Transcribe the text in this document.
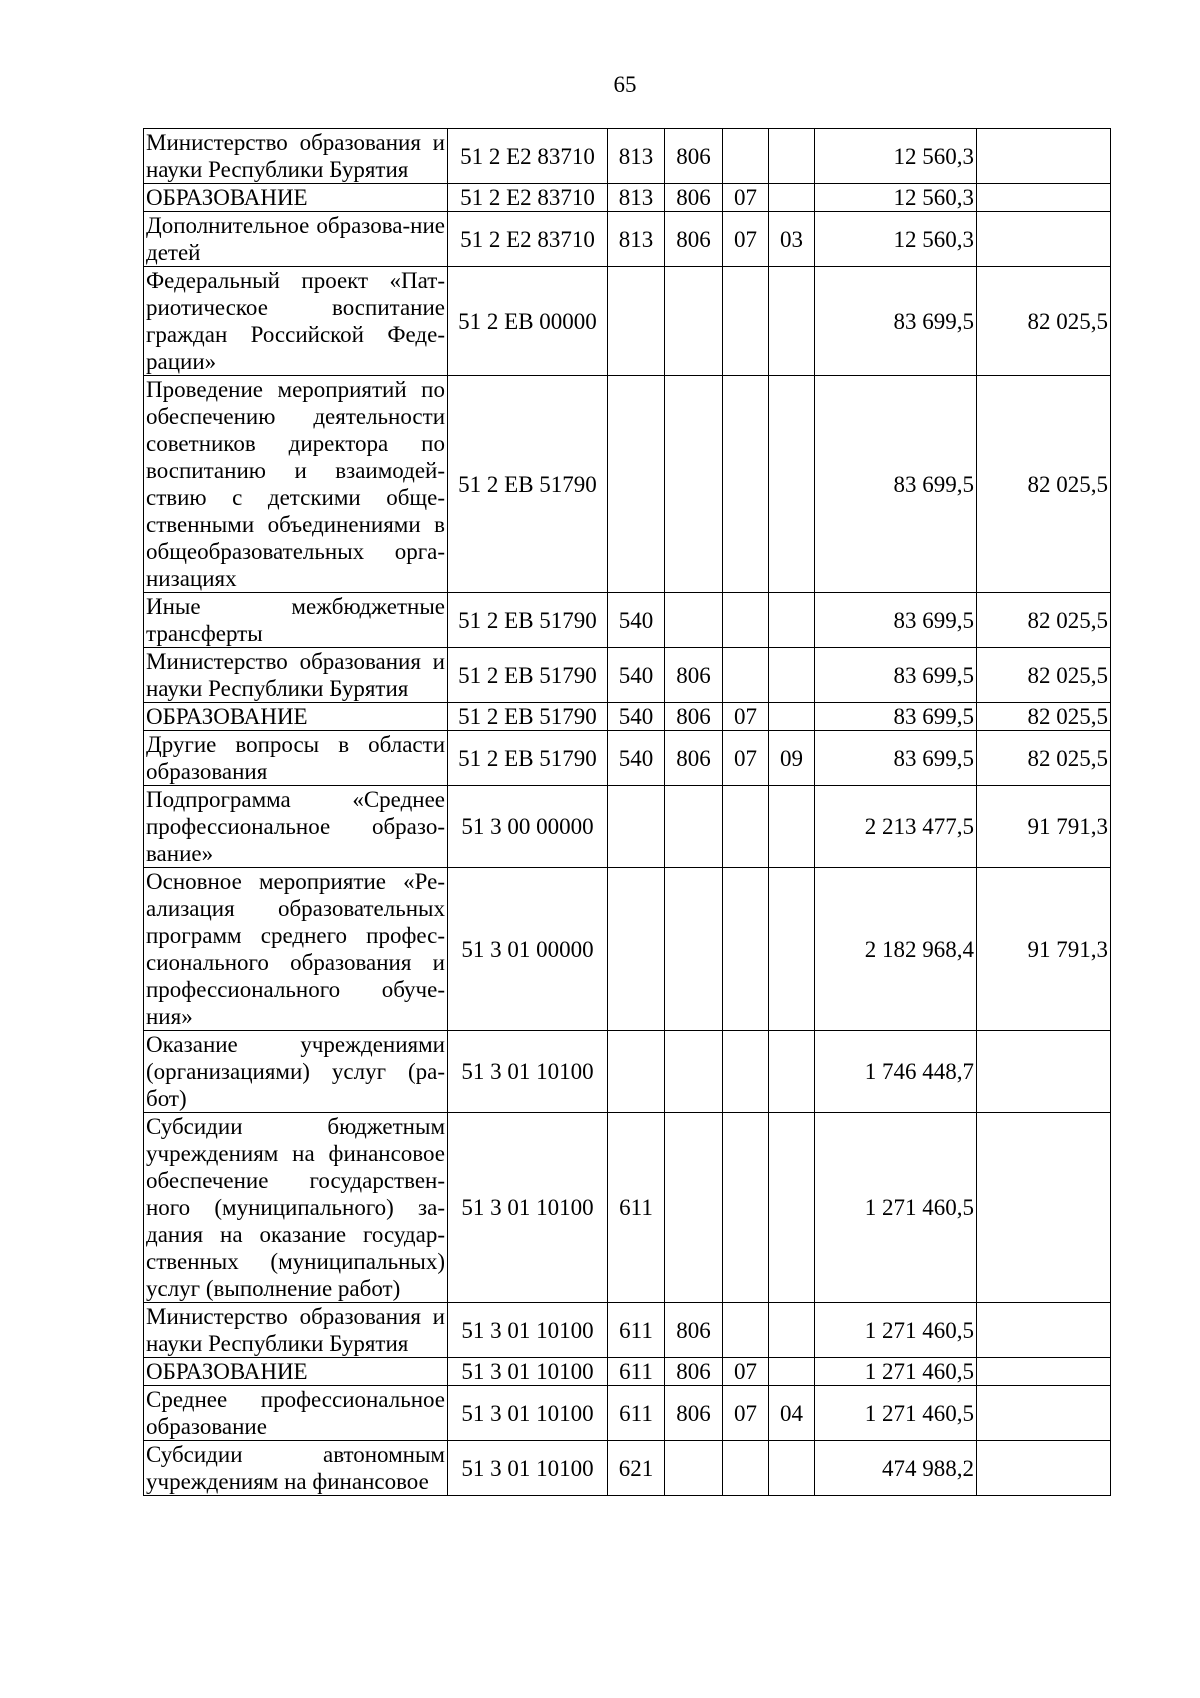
65
Министерство образования и науки Республики Бурятия	51 2 E2 83710	813	806			12 560,3	
ОБРАЗОВАНИЕ	51 2 E2 83710	813	806	07		12 560,3	
Дополнительное образова-ние детей	51 2 E2 83710	813	806	07	03	12 560,3	
Федеральный проект «Пат-риотическое воспитание граждан Российской Феде-рации»	51 2 EB 00000					83 699,5	82 025,5
Проведение мероприятий по обеспечению деятельности советников директора по воспитанию и взаимодей-ствию с детскими обще-ственными объединениями в общеобразовательных орга-низациях	51 2 EB 51790					83 699,5	82 025,5
Иные межбюджетные трансферты	51 2 EB 51790	540				83 699,5	82 025,5
Министерство образования и науки Республики Бурятия	51 2 EB 51790	540	806			83 699,5	82 025,5
ОБРАЗОВАНИЕ	51 2 EB 51790	540	806	07		83 699,5	82 025,5
Другие вопросы в области образования	51 2 EB 51790	540	806	07	09	83 699,5	82 025,5
Подпрограмма «Среднее профессиональное образо-вание»	51 3 00 00000					2 213 477,5	91 791,3
Основное мероприятие «Ре-ализация образовательных программ среднего профес-сионального образования и профессионального обуче-ния»	51 3 01 00000					2 182 968,4	91 791,3
Оказание учреждениями (организациями) услуг (ра-бот)	51 3 01 10100					1 746 448,7	
Субсидии бюджетным учреждениям на финансовое обеспечение государствен-ного (муниципального) за-дания на оказание государ-ственных (муниципальных) услуг (выполнение работ)	51 3 01 10100	611				1 271 460,5	
Министерство образования и науки Республики Бурятия	51 3 01 10100	611	806			1 271 460,5	
ОБРАЗОВАНИЕ	51 3 01 10100	611	806	07		1 271 460,5	
Среднее профессиональное образование	51 3 01 10100	611	806	07	04	1 271 460,5	
Субсидии автономным учреждениям на финансовое	51 3 01 10100	621				474 988,2	
